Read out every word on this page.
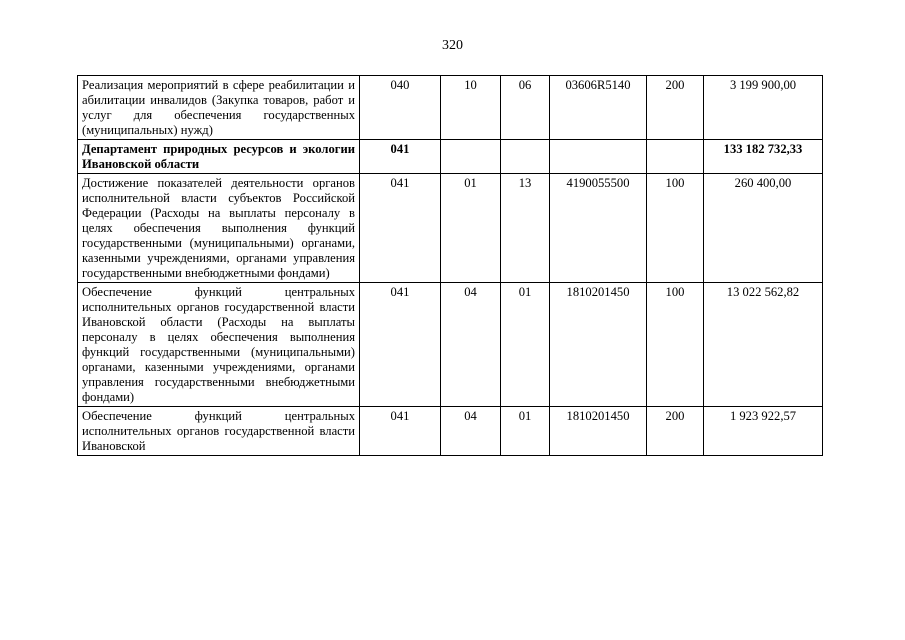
320
Реализация мероприятий в сфере реабилитации и абилитации инвалидов (Закупка товаров, работ и услуг для обеспечения государственных (муниципальных) нужд)	040	10	06	03606R5140	200	3 199 900,00
Департамент природных ресурсов и экологии Ивановской области	041					133 182 732,33
Достижение показателей деятельности органов исполнительной власти субъектов Российской Федерации (Расходы на выплаты персоналу в целях обеспечения выполнения функций государственными (муниципальными) органами, казенными учреждениями, органами управления государственными внебюджетными фондами)	041	01	13	4190055500	100	260 400,00
Обеспечение функций центральных исполнительных органов государственной власти Ивановской области (Расходы на выплаты персоналу в целях обеспечения выполнения функций государственными (муниципальными) органами, казенными учреждениями, органами управления государственными внебюджетными фондами)	041	04	01	1810201450	100	13 022 562,82
Обеспечение функций центральных исполнительных органов государственной власти Ивановской	041	04	01	1810201450	200	1 923 922,57
